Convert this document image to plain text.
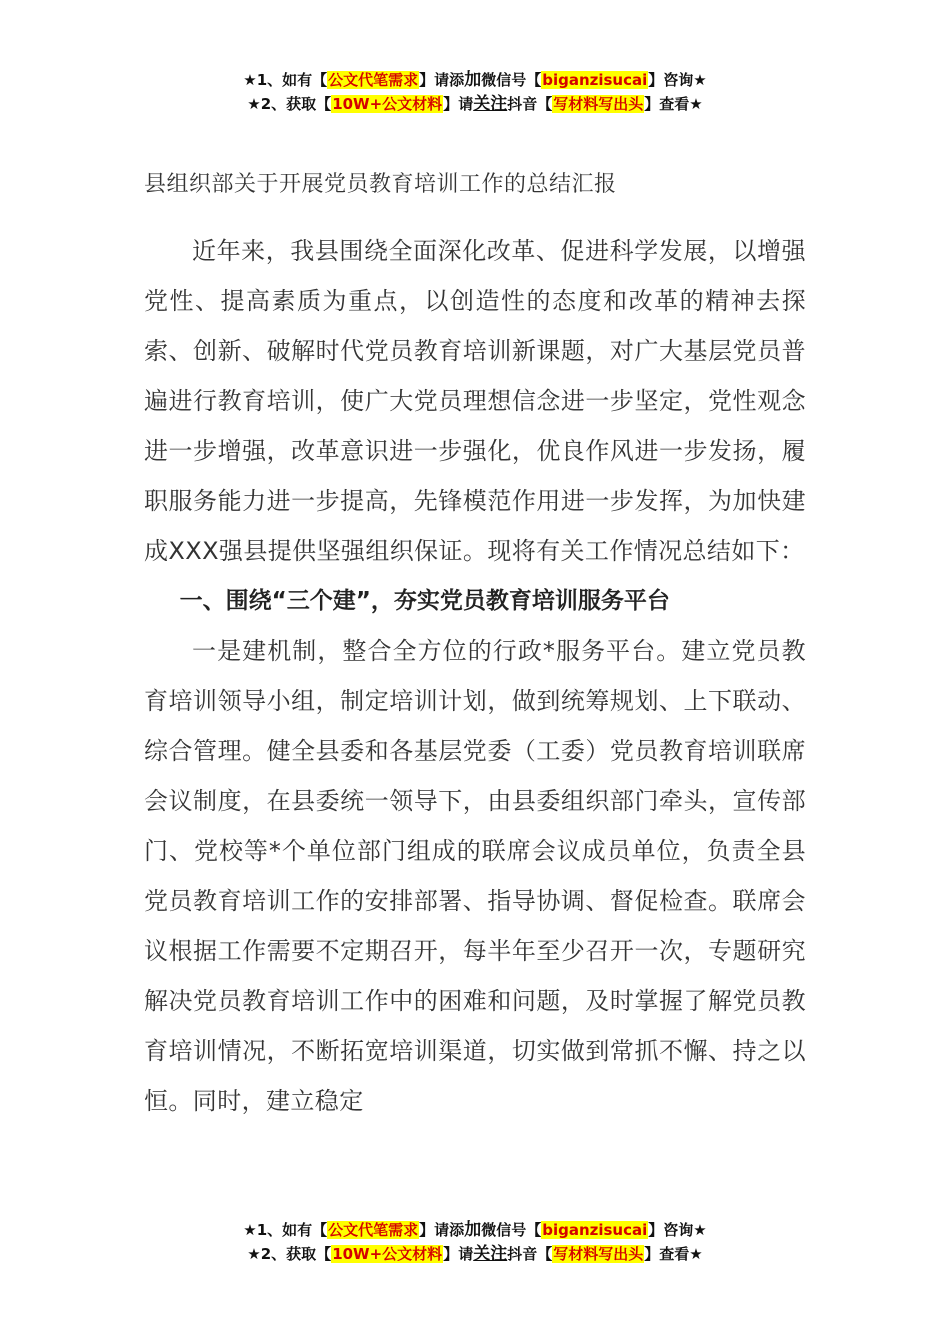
★1、如有【公文代笔需求】请添加微信号【biganzisucai】咨询★
★2、获取【10W+公文材料】请关注抖音【写材料写出头】查看★
县组织部关于开展党员教育培训工作的总结汇报

近年来，我县围绕全面深化改革、促进科学发展，以增强党性、提高素质为重点，以创造性的态度和改革的精神去探索、创新、破解时代党员教育培训新课题，对广大基层党员普遍进行教育培训，使广大党员理想信念进一步坚定，党性观念进一步增强，改革意识进一步强化，优良作风进一步发扬，履职服务能力进一步提高，先锋模范作用进一步发挥，为加快建成XXX强县提供坚强组织保证。现将有关工作情况总结如下：

一、围绕“三个建”，夯实党员教育培训服务平台

一是建机制，整合全方位的行政*服务平台。建立党员教育培训领导小组，制定培训计划，做到统筹规划、上下联动、综合管理。健全县委和各基层党委（工委）党员教育培训联席会议制度，在县委统一领导下，由县委组织部门牵头，宣传部门、党校等*个单位部门组成的联席会议成员单位，负责全县党员教育培训工作的安排部署、指导协调、督促检查。联席会议根据工作需要不定期召开，每半年至少召开一次，专题研究解决党员教育培训工作中的困难和问题，及时掌握了解党员教育培训情况，不断拓宽培训渠道，切实做到常抓不懈、持之以恒。同时，建立稳定

★1、如有【公文代笔需求】请添加微信号【biganzisucai】咨询★
★2、获取【10W+公文材料】请关注抖音【写材料写出头】查看★
